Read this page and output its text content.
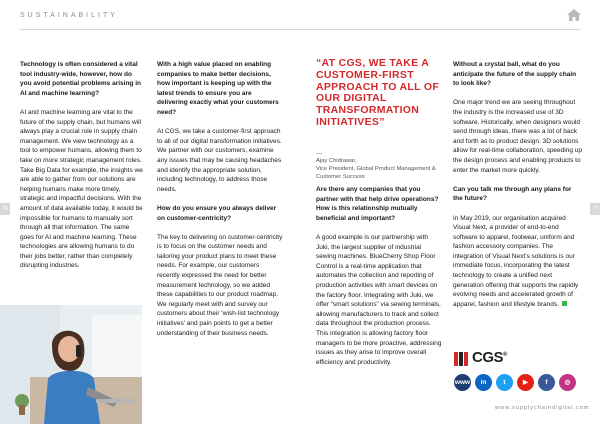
SUSTAINABILITY
76	77

Technology is often considered a vital tool industry-wide, however, how do you avoid potential problems arising in AI and machine learning?

AI and machine learning are vital to the future of the supply chain, but humans will always play a crucial role in supply chain management. We view technology as a tool to empower humans, allowing them to take on more strategic management roles. Take Big Data for example, the insights we are able to gather from our solutions are helping humans make more timely, strategic and impactful decisions. With the amount of data available today, it would be impossible for humans to manually sort through all that information. The same goes for AI and machine learning. These technologies are allowing humans to do their jobs better, rather than completely disrupting industries.

With a high value placed on enabling companies to make better decisions, how important is keeping up with the latest trends to ensure you are delivering exactly what your customers need?

At CGS, we take a customer-first approach to all of our digital transformation initiatives. We partner with our customers, examine any issues that may be causing headaches and identify the appropriate solution, including technology, to address those needs.

How do you ensure you always deliver on customer-centricity?

The key to delivering on customer-centricity is to focus on the customer needs and tailoring your product plans to meet these needs. For example, our customers recently expressed the need for better measurement technology, so we added these capabilities to our product roadmap. We regularly meet with and survey our customers about their ‘wish-list technology initiatives’ and pain points to get a better understanding of their business needs.

“AT CGS, WE TAKE A CUSTOMER-FIRST APPROACH TO ALL OF OUR DIGITAL TRANSFORMATION INITIATIVES”
—
Ajay Chidrawar,
Vice President, Global Product Management & Customer Success

Are there any companies that you partner with that help drive operations? How is this relationship mutually beneficial and important?

A good example is our partnership with Juki, the largest supplier of industrial sewing machines. BlueCherry Shop Floor Control is a real-time application that automates the collection and reporting of production activities with smart devices on the factory floor. Integrating with Juki, we offer “smart solutions” via sewing terminals, allowing manufacturers to track and collect data throughout the production process. This integration is allowing factory floor managers to be more proactive, addressing issues as they arise to improve overall efficiency and productivity.

Without a crystal ball, what do you anticipate the future of the supply chain to look like?

One major trend we are seeing throughout the industry is the increased use of 3D software. Historically, when designers would send through ideas, there was a lot of back and forth as to product design. 3D solutions allow for real-time collaboration, speeding up the design process and enabling products to enter the market more quickly.

Can you talk me through any plans for the future?

In May 2019, our organisation acquired Visual Next, a provider of end-to-end software to apparel, footwear, uniform and fashion accessory companies. The integration of Visual Next’s solutions is our immediate focus, incorporating the latest technology to create a unified next generation offering that supports the rapidly evolving needs and accelerated growth of apparel, fashion and lifestyle brands.

CGS®
www	in	t	▶	f	◎
www.supplychaindigital.com
